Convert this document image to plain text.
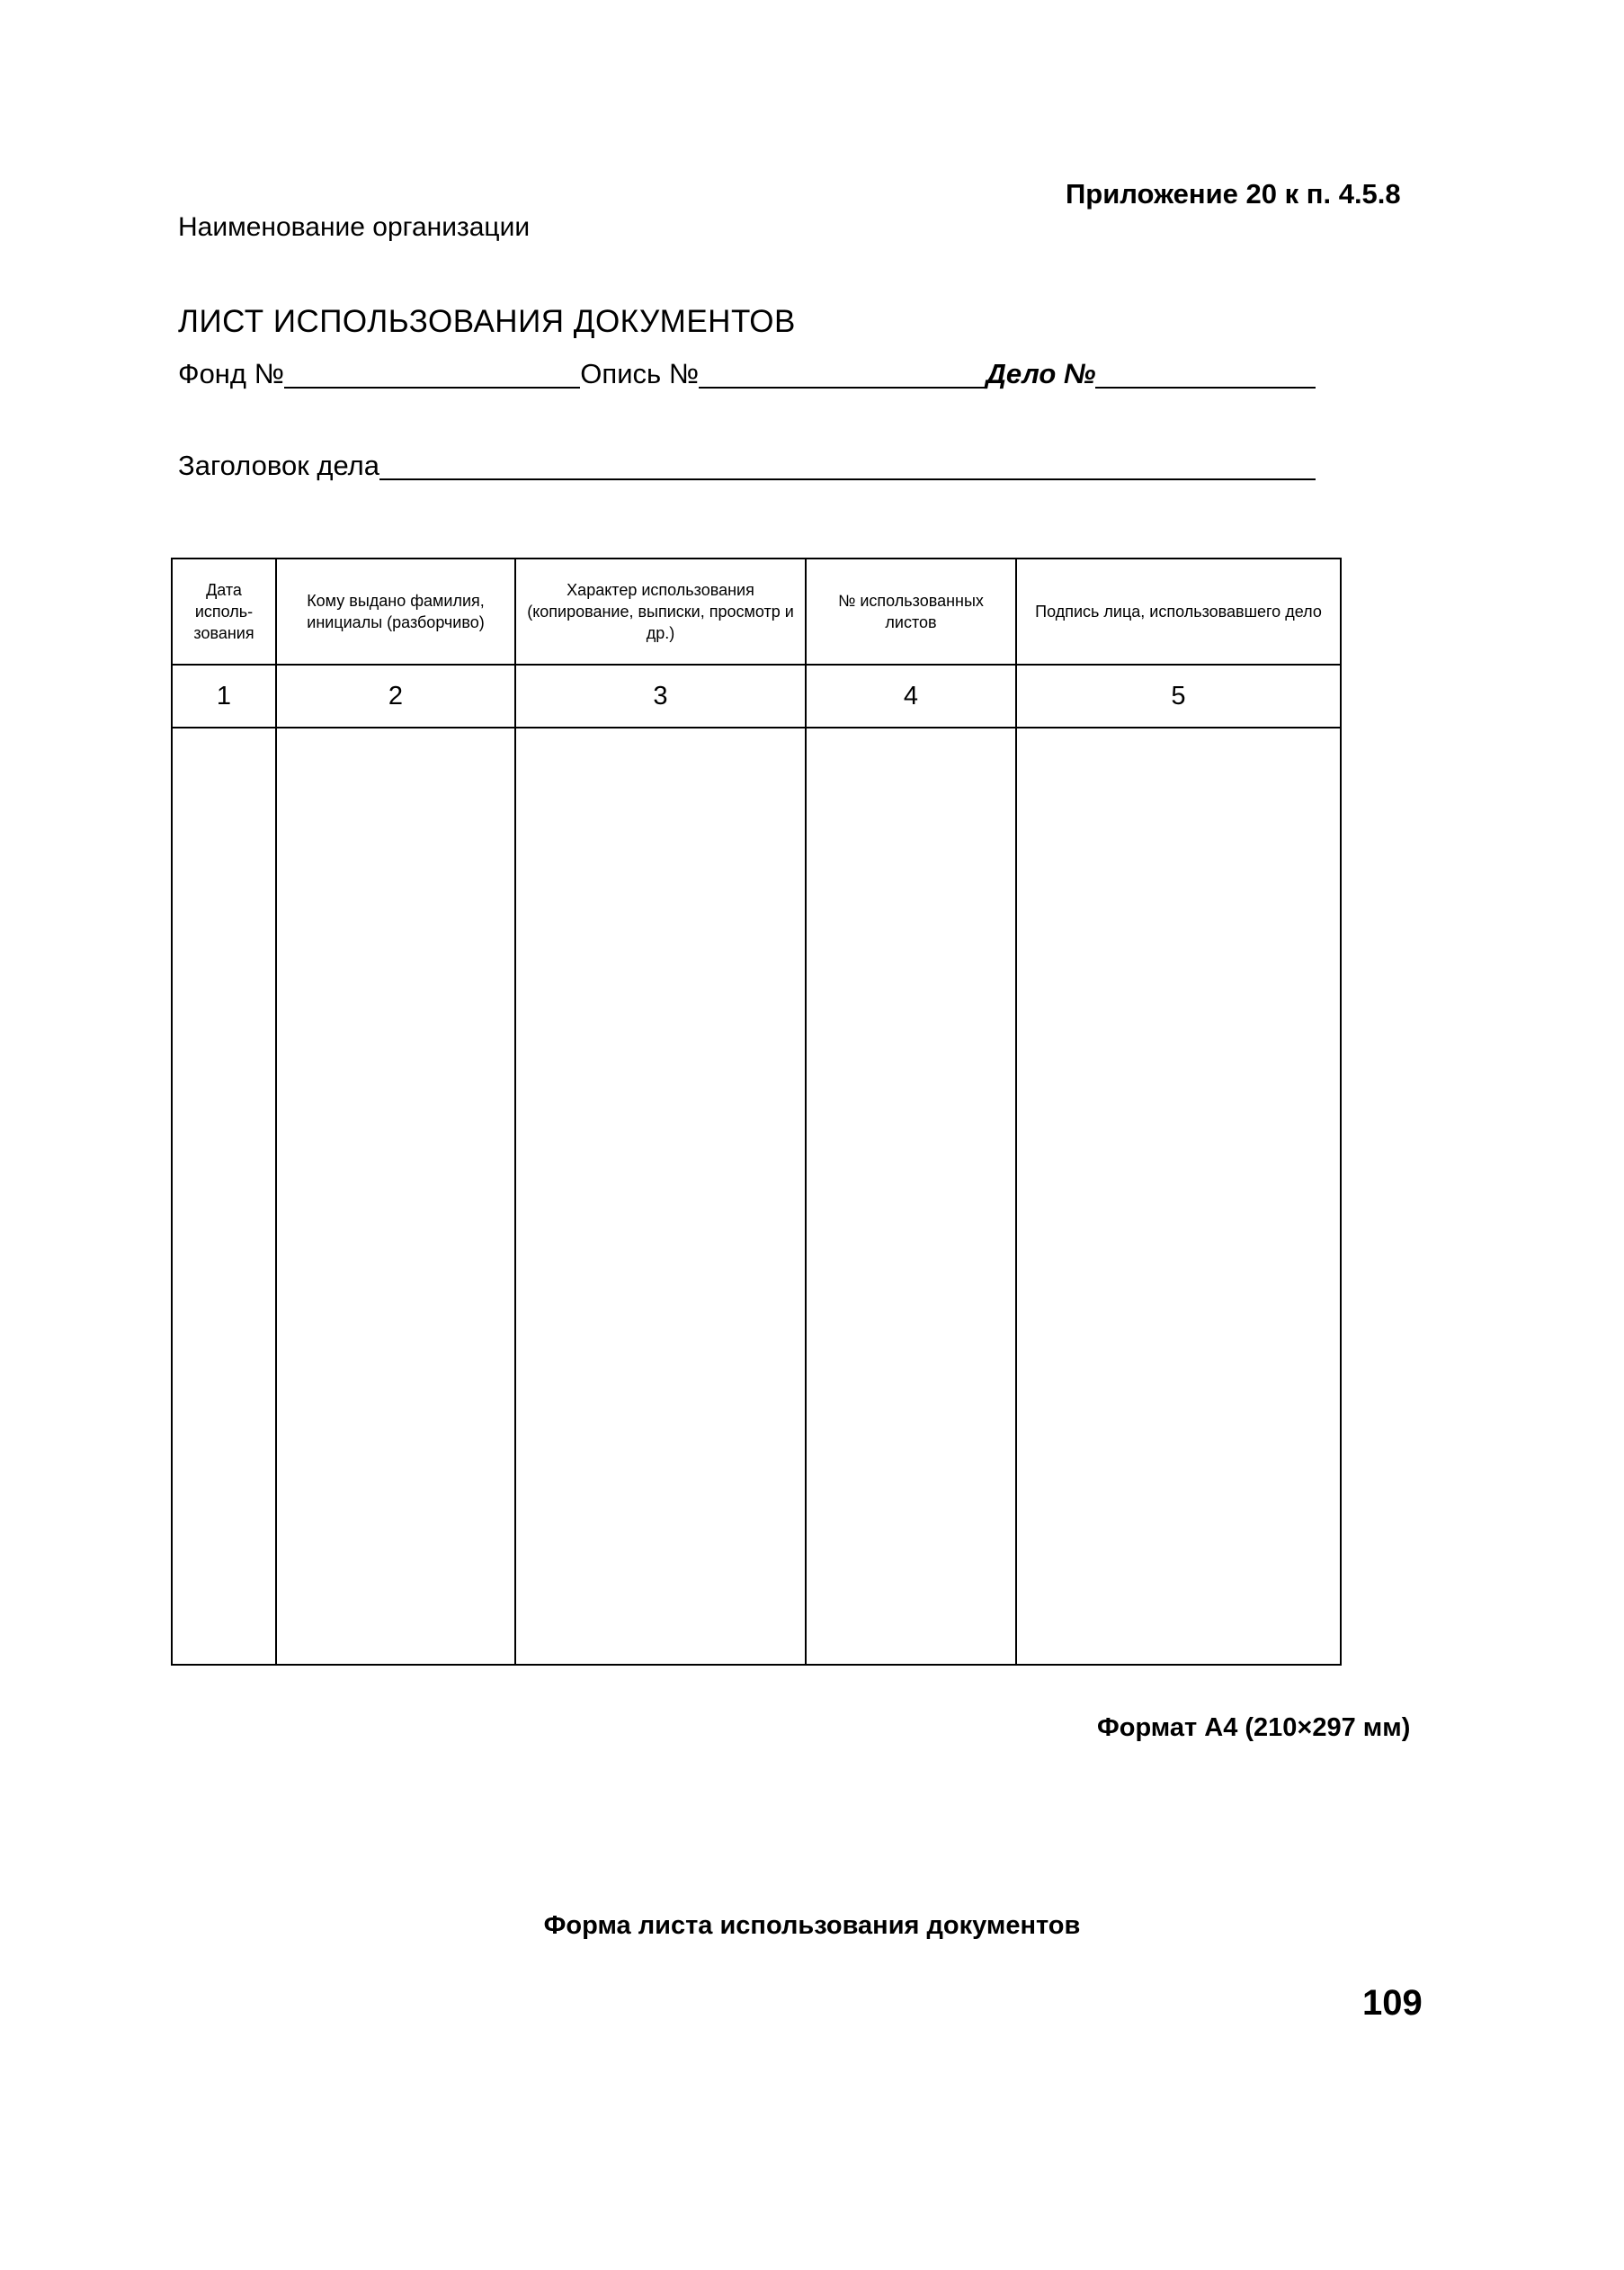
Приложение 20 к п. 4.5.8
Наименование организации
ЛИСТ ИСПОЛЬЗОВАНИЯ ДОКУМЕНТОВ
Фонд №	Опись №	Дело №
Заголовок дела
Дата исполь-зования	Кому выдано фамилия, инициалы (разборчиво)	Характер использования (копирование, выписки, просмотр и др.)	№ использованных листов	Подпись лица, использовавшего дело
1	2	3	4	5

Формат А4 (210×297 мм)
Форма листа использования документов
109
